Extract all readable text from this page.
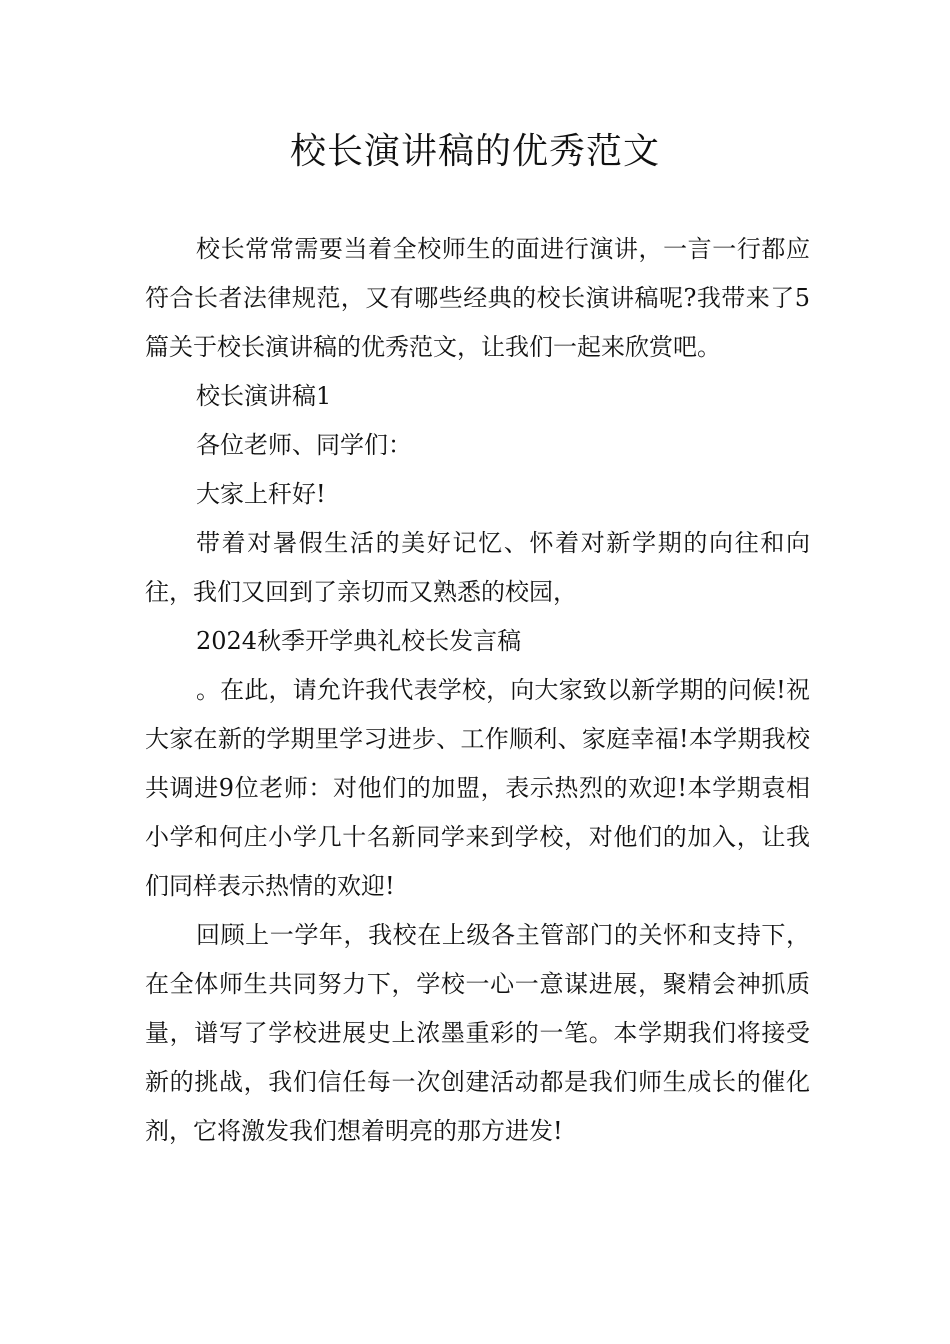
校长演讲稿的优秀范文

校长常常需要当着全校师生的面进行演讲，一言一行都应符合长者法律规范，又有哪些经典的校长演讲稿呢?我带来了5篇关于校长演讲稿的优秀范文，让我们一起来欣赏吧。

校长演讲稿1

各位老师、同学们：

大家上秆好!

带着对暑假生活的美好记忆、怀着对新学期的向往和向往，我们又回到了亲切而又熟悉的校园，

2024秋季开学典礼校长发言稿

。在此，请允许我代表学校，向大家致以新学期的问候!祝大家在新的学期里学习进步、工作顺利、家庭幸福!本学期我校共调进9位老师：对他们的加盟，表示热烈的欢迎!本学期袁相小学和何庄小学几十名新同学来到学校，对他们的加入，让我们同样表示热情的欢迎!

回顾上一学年，我校在上级各主管部门的关怀和支持下，在全体师生共同努力下，学校一心一意谋进展，聚精会神抓质量，谱写了学校进展史上浓墨重彩的一笔。本学期我们将接受新的挑战，我们信任每一次创建活动都是我们师生成长的催化剂，它将激发我们想着明亮的那方进发!
